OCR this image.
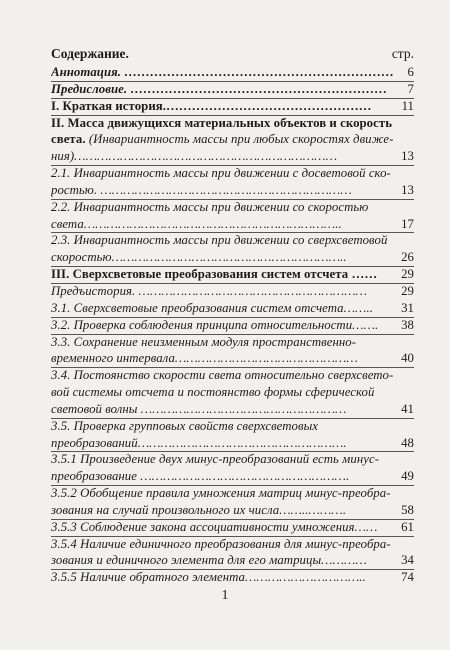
Содержание.	стр.
Аннотация. ……………………………………………………… 6
Предисловие. …………………………………………………… 7
I. Краткая история.………………………………………… 11
II. Масса движущихся материальных объектов и скорость
света. (Инвариантность массы при любых скоростях движе-
ния)……………………………………………………………	13
2.1. Инвариантность массы при движении с досветовой ско-
ростью. …………………………………………………………	13
2.2. Инвариантность массы при движении со скоростью
света…………………………………………………………..	17
2.3. Инвариантность массы при движении со сверхсветовой
скоростью……………………………………………………..	26
III. Сверхсветовые преобразования систем отсчета …… 29
Предъистория. ……………………………………………………	29
3.1. Сверхсветовые преобразования систем отсчета…….. 31
3.2. Проверка соблюдения принципа относительности……. 38
3.3. Сохранение неизменным модуля пространственно-
временного интервала…………………………………………	40
3.4. Постоянство скорости света относительно сверхсвето-
вой системы отсчета и постоянство формы сферической
световой волны ………………………………………………	41
3.5. Проверка групповых свойств сверхсветовых
преобразований……………………………………………….	48
3.5.1 Произведение двух минус-преобразований есть минус-
преобразование ……………………………………………….	49
3.5.2 Обобщение правила умножения матриц минус-преобра-
зования на случай произвольного их числа……..……….	58
3.5.3 Соблюдение закона ассоциативности умножения…… 61
3.5.4 Наличие единичного преобразования для минус-преобра-
зования и единичного элемента для его матрицы…………	34
3.5.5 Наличие обратного элемента…………………………..	74
1
